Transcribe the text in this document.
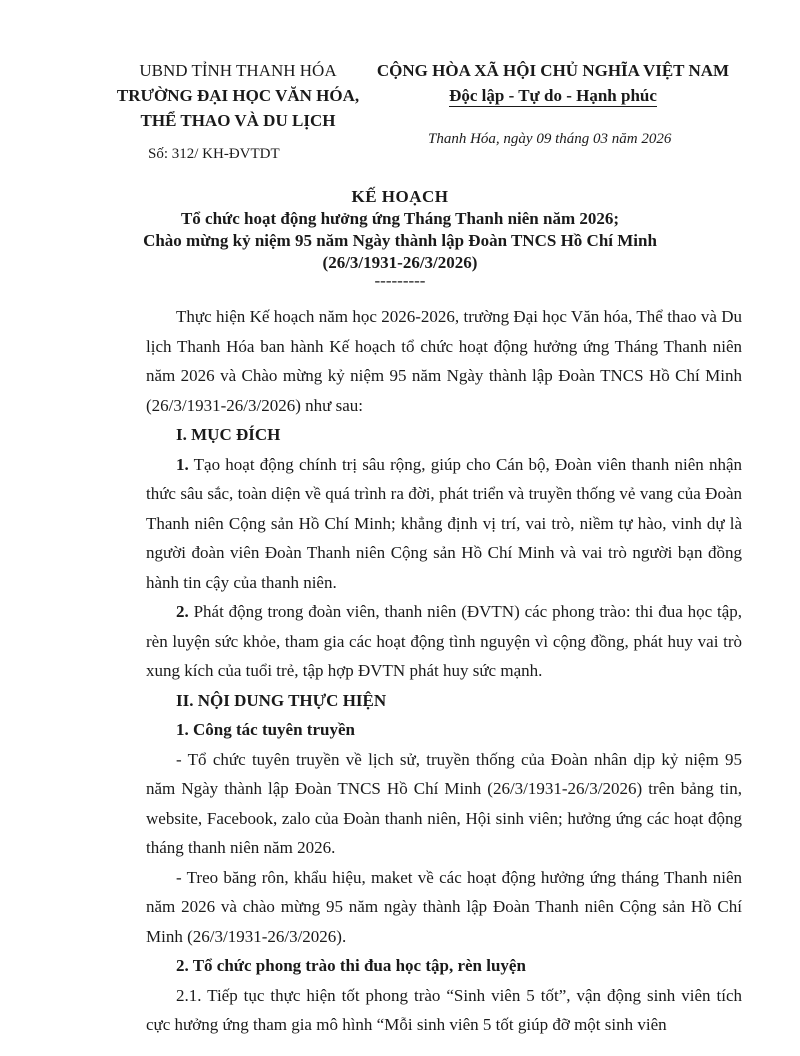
UBND TỈNH THANH HÓA
TRƯỜNG ĐẠI HỌC VĂN HÓA,
THỂ THAO VÀ DU LỊCH
CỘNG HÒA XÃ HỘI CHỦ NGHĨA VIỆT NAM
Độc lập - Tự do - Hạnh phúc
Thanh Hóa, ngày 09 tháng 03 năm 2026
Số: 312/ KH-ĐVTDT
KẾ HOẠCH
Tổ chức hoạt động hưởng ứng Tháng Thanh niên năm 2026;
Chào mừng kỷ niệm 95 năm Ngày thành lập Đoàn TNCS Hồ Chí Minh
(26/3/1931-26/3/2026)
---------

Thực hiện Kế hoạch năm học 2026-2026, trường Đại học Văn hóa, Thể thao và Du lịch Thanh Hóa ban hành Kế hoạch tổ chức hoạt động hưởng ứng Tháng Thanh niên năm 2026 và Chào mừng kỷ niệm 95 năm Ngày thành lập Đoàn TNCS Hồ Chí Minh (26/3/1931-26/3/2026) như sau:

I. MỤC ĐÍCH

1. Tạo hoạt động chính trị sâu rộng, giúp cho Cán bộ, Đoàn viên thanh niên nhận thức sâu sắc, toàn diện về quá trình ra đời, phát triển và truyền thống vẻ vang của Đoàn Thanh niên Cộng sản Hồ Chí Minh; khẳng định vị trí, vai trò, niềm tự hào, vinh dự là người đoàn viên Đoàn Thanh niên Cộng sản Hồ Chí Minh và vai trò người bạn đồng hành tin cậy của thanh niên.

2. Phát động trong đoàn viên, thanh niên (ĐVTN) các phong trào: thi đua học tập, rèn luyện sức khỏe, tham gia các hoạt động tình nguyện vì cộng đồng, phát huy vai trò xung kích của tuổi trẻ, tập hợp ĐVTN phát huy sức mạnh.

II. NỘI DUNG THỰC HIỆN

1. Công tác tuyên truyền

- Tổ chức tuyên truyền về lịch sử, truyền thống của Đoàn nhân dịp kỷ niệm 95 năm Ngày thành lập Đoàn TNCS Hồ Chí Minh (26/3/1931-26/3/2026) trên bảng tin, website, Facebook, zalo của Đoàn thanh niên, Hội sinh viên; hưởng ứng các hoạt động tháng thanh niên năm 2026.

- Treo băng rôn, khẩu hiệu, maket về các hoạt động hưởng ứng tháng Thanh niên năm 2026 và chào mừng 95 năm ngày thành lập Đoàn Thanh niên Cộng sản Hồ Chí Minh (26/3/1931-26/3/2026).

2. Tổ chức phong trào thi đua học tập, rèn luyện

2.1. Tiếp tục thực hiện tốt phong trào “Sinh viên 5 tốt”, vận động sinh viên tích cực hưởng ứng tham gia mô hình “Mỗi sinh viên 5 tốt giúp đỡ một sinh viên
